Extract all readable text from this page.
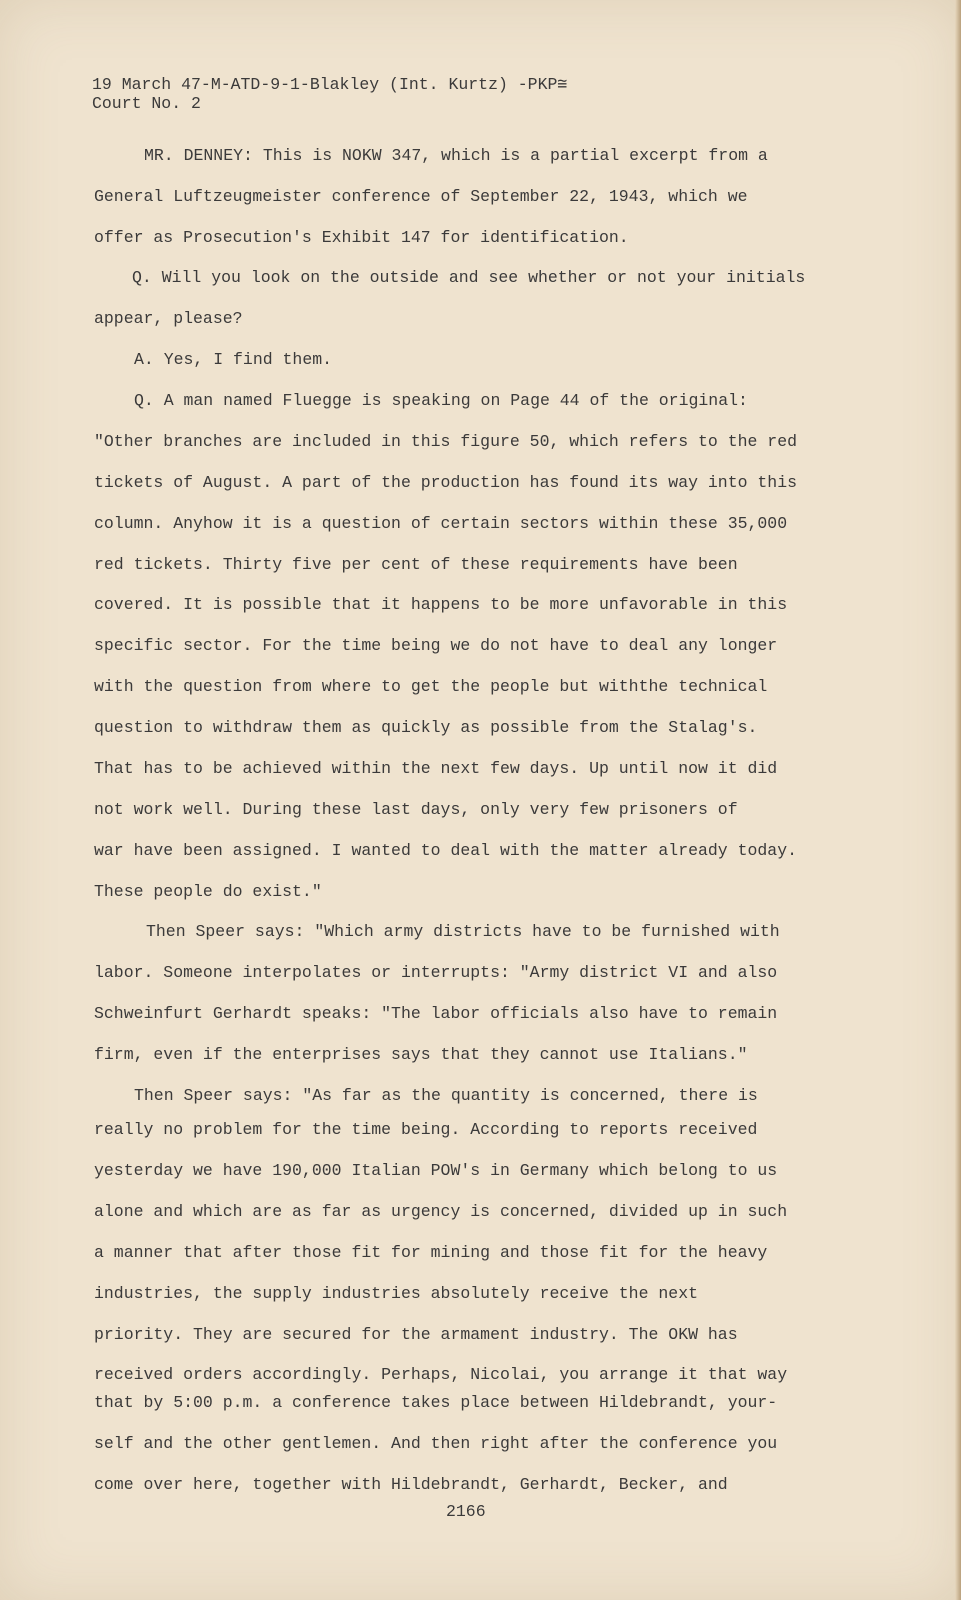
19 March 47-M-ATD-9-1-Blakley (Int. Kurtz) -PKP≅

Court No. 2

MR. DENNEY: This is NOKW 347, which is a partial excerpt from a

General Luftzeugmeister conference of September 22, 1943, which we

offer as Prosecution's Exhibit 147 for identification.

Q. Will you look on the outside and see whether or not your initials

appear, please?

A. Yes, I find them.

Q. A man named Fluegge is speaking on Page 44 of the original:

"Other branches are included in this figure 50, which refers to the red

tickets of August. A part of the production has found its way into this

column. Anyhow it is a question of certain sectors within these 35,000

red tickets. Thirty five per cent of these requirements have been

covered. It is possible that it happens to be more unfavorable in this

specific sector. For the time being we do not have to deal any longer

with the question from where to get the people but withthe technical

question to withdraw them as quickly as possible from the Stalag's.

That has to be achieved within the next few days. Up until now it did

not work well. During these last days, only very few prisoners of

war have been assigned. I wanted to deal with the matter already today.

These people do exist."

Then Speer says: "Which army districts have to be furnished with

labor. Someone interpolates or interrupts: "Army district VI and also

Schweinfurt Gerhardt speaks: "The labor officials also have to remain

firm, even if the enterprises says that they cannot use Italians."

Then Speer says: "As far as the quantity is concerned, there is

really no problem for the time being. According to reports received

yesterday we have 190,000 Italian POW's in Germany which belong to us

alone and which are as far as urgency is concerned, divided up in such

a manner that after those fit for mining and those fit for the heavy

industries, the supply industries absolutely receive the next

priority. They are secured for the armament industry. The OKW has

received orders accordingly. Perhaps, Nicolai, you arrange it that way

that by 5:00 p.m. a conference takes place between Hildebrandt, your-

self and the other gentlemen. And then right after the conference you

come over here, together with Hildebrandt, Gerhardt, Becker, and

2166
